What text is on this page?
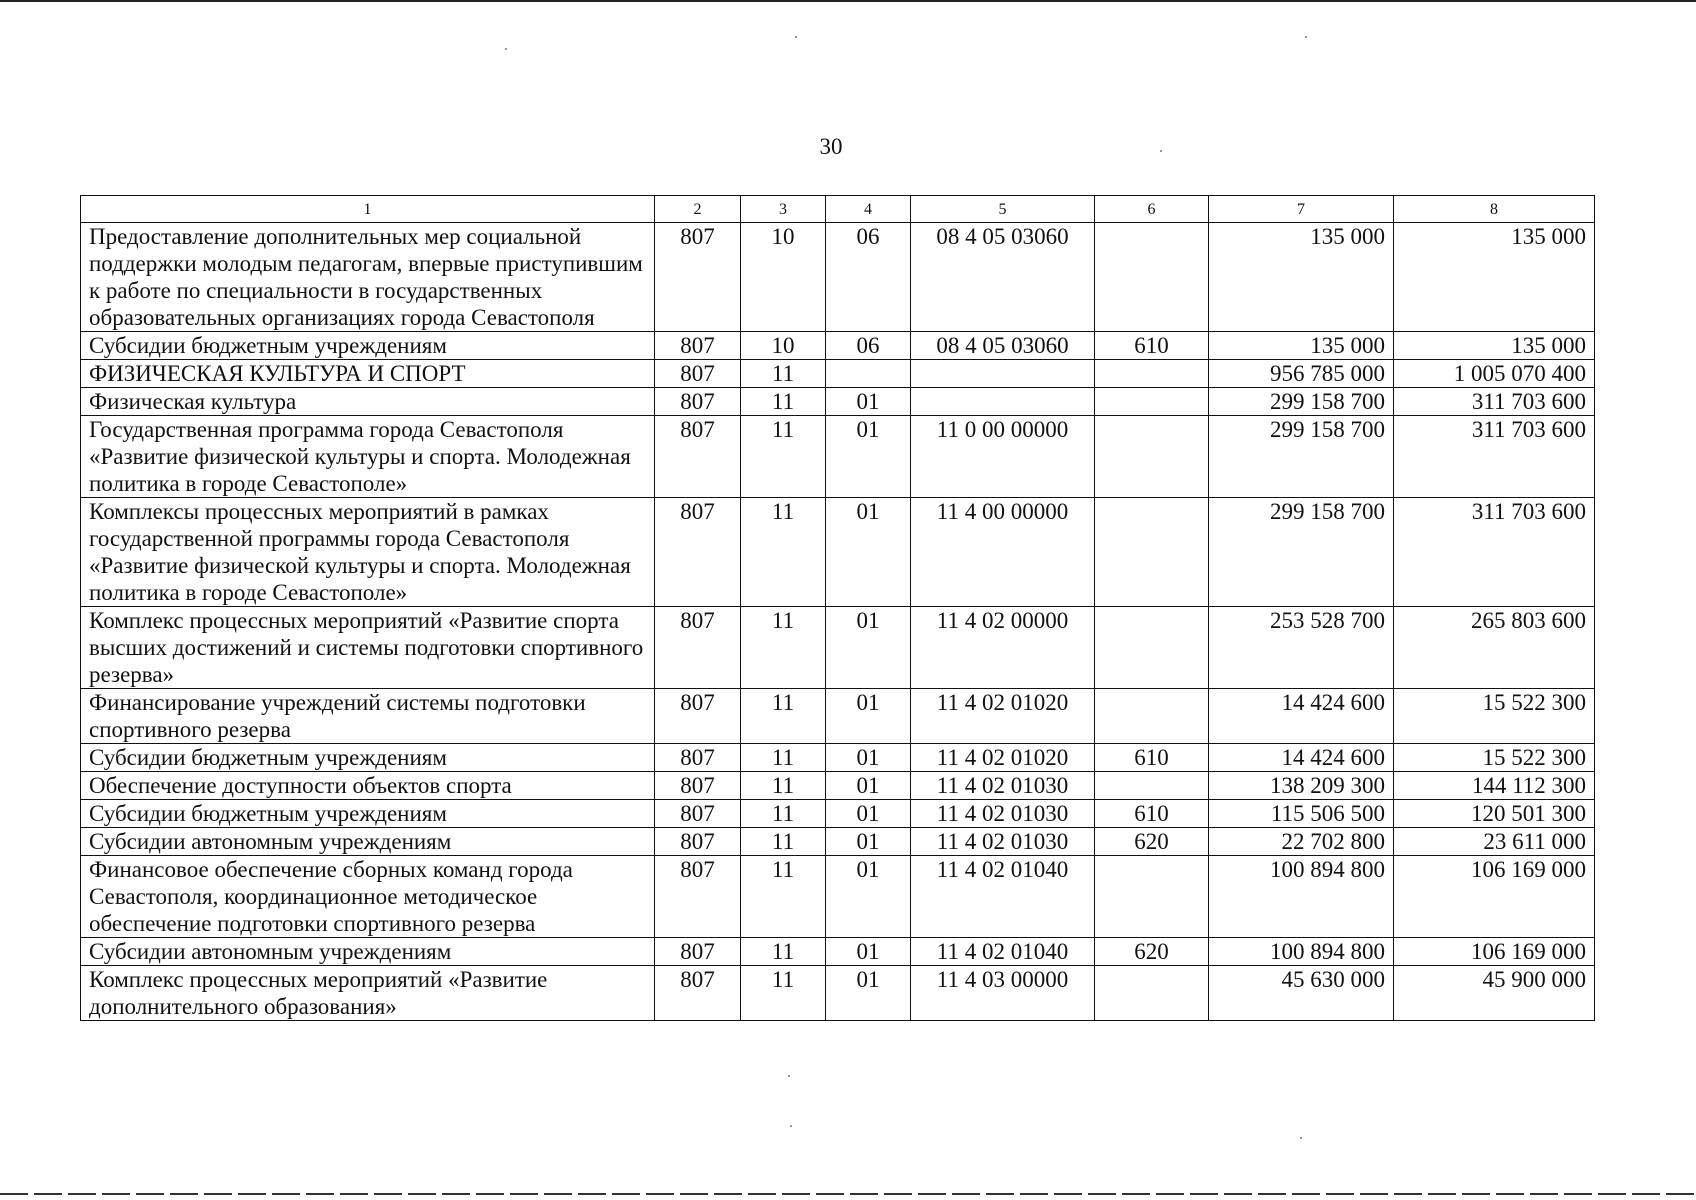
30
1	2	3	4	5	6	7	8
Предоставление дополнительных мер социальной поддержки молодым педагогам, впервые приступившим к работе по специальности в государственных образовательных организациях города Севастополя	807	10	06	08 4 05 03060		135 000	135 000
Субсидии бюджетным учреждениям	807	10	06	08 4 05 03060	610	135 000	135 000
ФИЗИЧЕСКАЯ КУЛЬТУРА И СПОРТ	807	11				956 785 000	1 005 070 400
Физическая культура	807	11	01			299 158 700	311 703 600
Государственная программа города Севастополя «Развитие физической культуры и спорта. Молодежная политика в городе Севастополе»	807	11	01	11 0 00 00000		299 158 700	311 703 600
Комплексы процессных мероприятий в рамках государственной программы города Севастополя «Развитие физической культуры и спорта. Молодежная политика в городе Севастополе»	807	11	01	11 4 00 00000		299 158 700	311 703 600
Комплекс процессных мероприятий «Развитие спорта высших достижений и системы подготовки спортивного резерва»	807	11	01	11 4 02 00000		253 528 700	265 803 600
Финансирование учреждений системы подготовки спортивного резерва	807	11	01	11 4 02 01020		14 424 600	15 522 300
Субсидии бюджетным учреждениям	807	11	01	11 4 02 01020	610	14 424 600	15 522 300
Обеспечение доступности объектов спорта	807	11	01	11 4 02 01030		138 209 300	144 112 300
Субсидии бюджетным учреждениям	807	11	01	11 4 02 01030	610	115 506 500	120 501 300
Субсидии автономным учреждениям	807	11	01	11 4 02 01030	620	22 702 800	23 611 000
Финансовое обеспечение сборных команд города Севастополя, координационное методическое обеспечение подготовки спортивного резерва	807	11	01	11 4 02 01040		100 894 800	106 169 000
Субсидии автономным учреждениям	807	11	01	11 4 02 01040	620	100 894 800	106 169 000
Комплекс процессных мероприятий «Развитие дополнительного образования»	807	11	01	11 4 03 00000		45 630 000	45 900 000
